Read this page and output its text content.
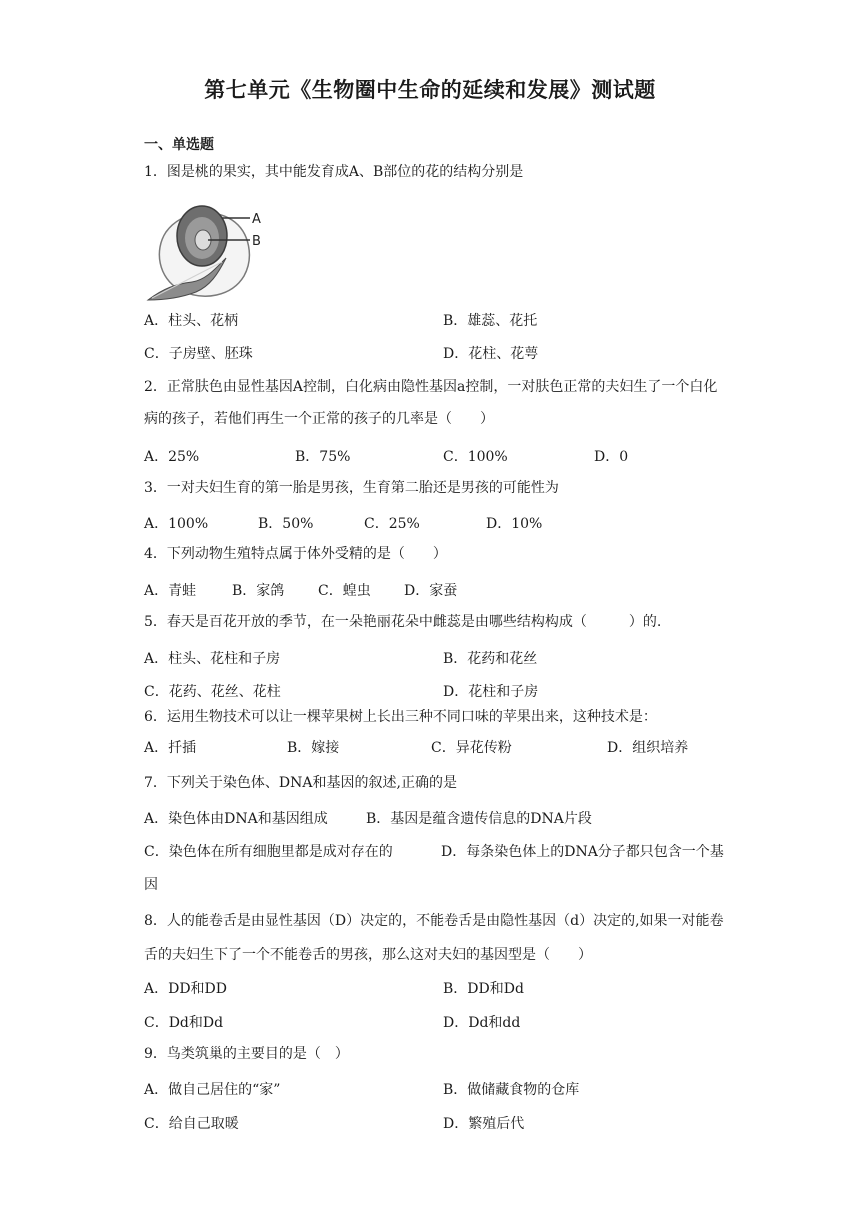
第七单元《生物圈中生命的延续和发展》测试题
一、单选题
1．图是桃的果实，其中能发育成A、B部位的花的结构分别是
A
B
A．柱头、花柄	B．雄蕊、花托
C．子房壁、胚珠	D．花柱、花萼
2．正常肤色由显性基因A控制，白化病由隐性基因a控制，一对肤色正常的夫妇生了一个白化病的孩子，若他们再生一个正常的孩子的几率是（　　）
A．25%	B．75%	C．100%	D．0
3．一对夫妇生育的第一胎是男孩，生育第二胎还是男孩的可能性为
A．100%	B．50%	C．25%	D．10%
4．下列动物生殖特点属于体外受精的是（　　）
A．青蛙	B．家鸽 C．蝗虫 D．家蚕
5．春天是百花开放的季节，在一朵艳丽花朵中雌蕊是由哪些结构构成（　　　）的.
A．柱头、花柱和子房	B．花药和花丝
C．花药、花丝、花柱	D．花柱和子房
6．运用生物技术可以让一棵苹果树上长出三种不同口味的苹果出来，这种技术是：
A．扦插	B．嫁接	C．异花传粉	D．组织培养
7．下列关于染色体、DNA和基因的叙述,正确的是
A．染色体由DNA和基因组成	B．基因是蕴含遗传信息的DNA片段
C．染色体在所有细胞里都是成对存在的	D．每条染色体上的DNA分子都只包含一个基因
8．人的能卷舌是由显性基因（D）决定的，不能卷舌是由隐性基因（d）决定的,如果一对能卷舌的夫妇生下了一个不能卷舌的男孩，那么这对夫妇的基因型是（　　）
A．DD和DD	B．DD和Dd
C．Dd和Dd	D．Dd和dd
9．鸟类筑巢的主要目的是（　）
A．做自己居住的“家”	B．做储藏食物的仓库
C．给自己取暖	D．繁殖后代
